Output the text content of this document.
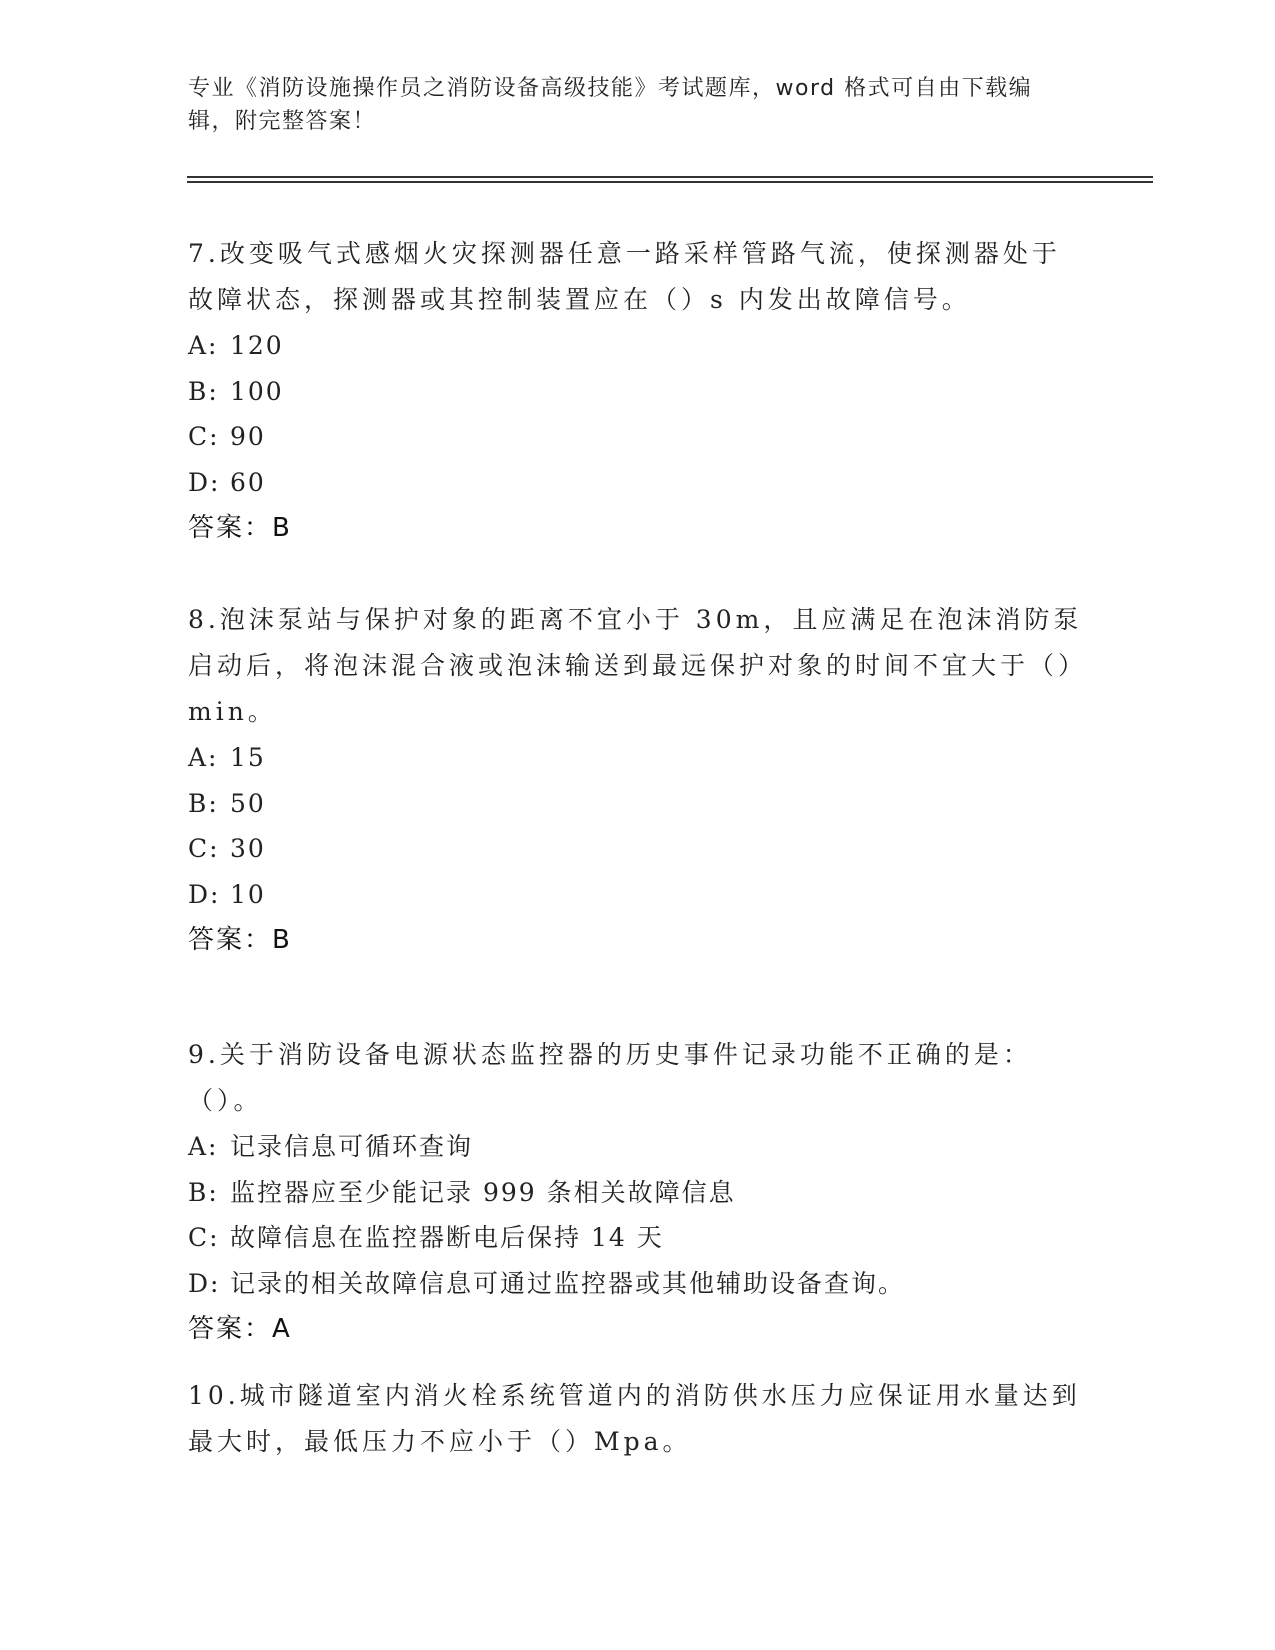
专业《消防设施操作员之消防设备高级技能》考试题库，word 格式可自由下载编辑，附完整答案！

7.改变吸气式感烟火灾探测器任意一路采样管路气流，使探测器处于故障状态，探测器或其控制装置应在（）s 内发出故障信号。

A: 120

B: 100

C: 90

D: 60

答案：B

8.泡沫泵站与保护对象的距离不宜小于 30m，且应满足在泡沫消防泵启动后，将泡沫混合液或泡沫输送到最远保护对象的时间不宜大于（）min。

A: 15

B: 50

C: 30

D: 10

答案：B

9.关于消防设备电源状态监控器的历史事件记录功能不正确的是：（）。

A: 记录信息可循环查询

B: 监控器应至少能记录 999 条相关故障信息

C: 故障信息在监控器断电后保持 14 天

D: 记录的相关故障信息可通过监控器或其他辅助设备查询。

答案：A

10.城市隧道室内消火栓系统管道内的消防供水压力应保证用水量达到最大时，最低压力不应小于（）Mpa。
